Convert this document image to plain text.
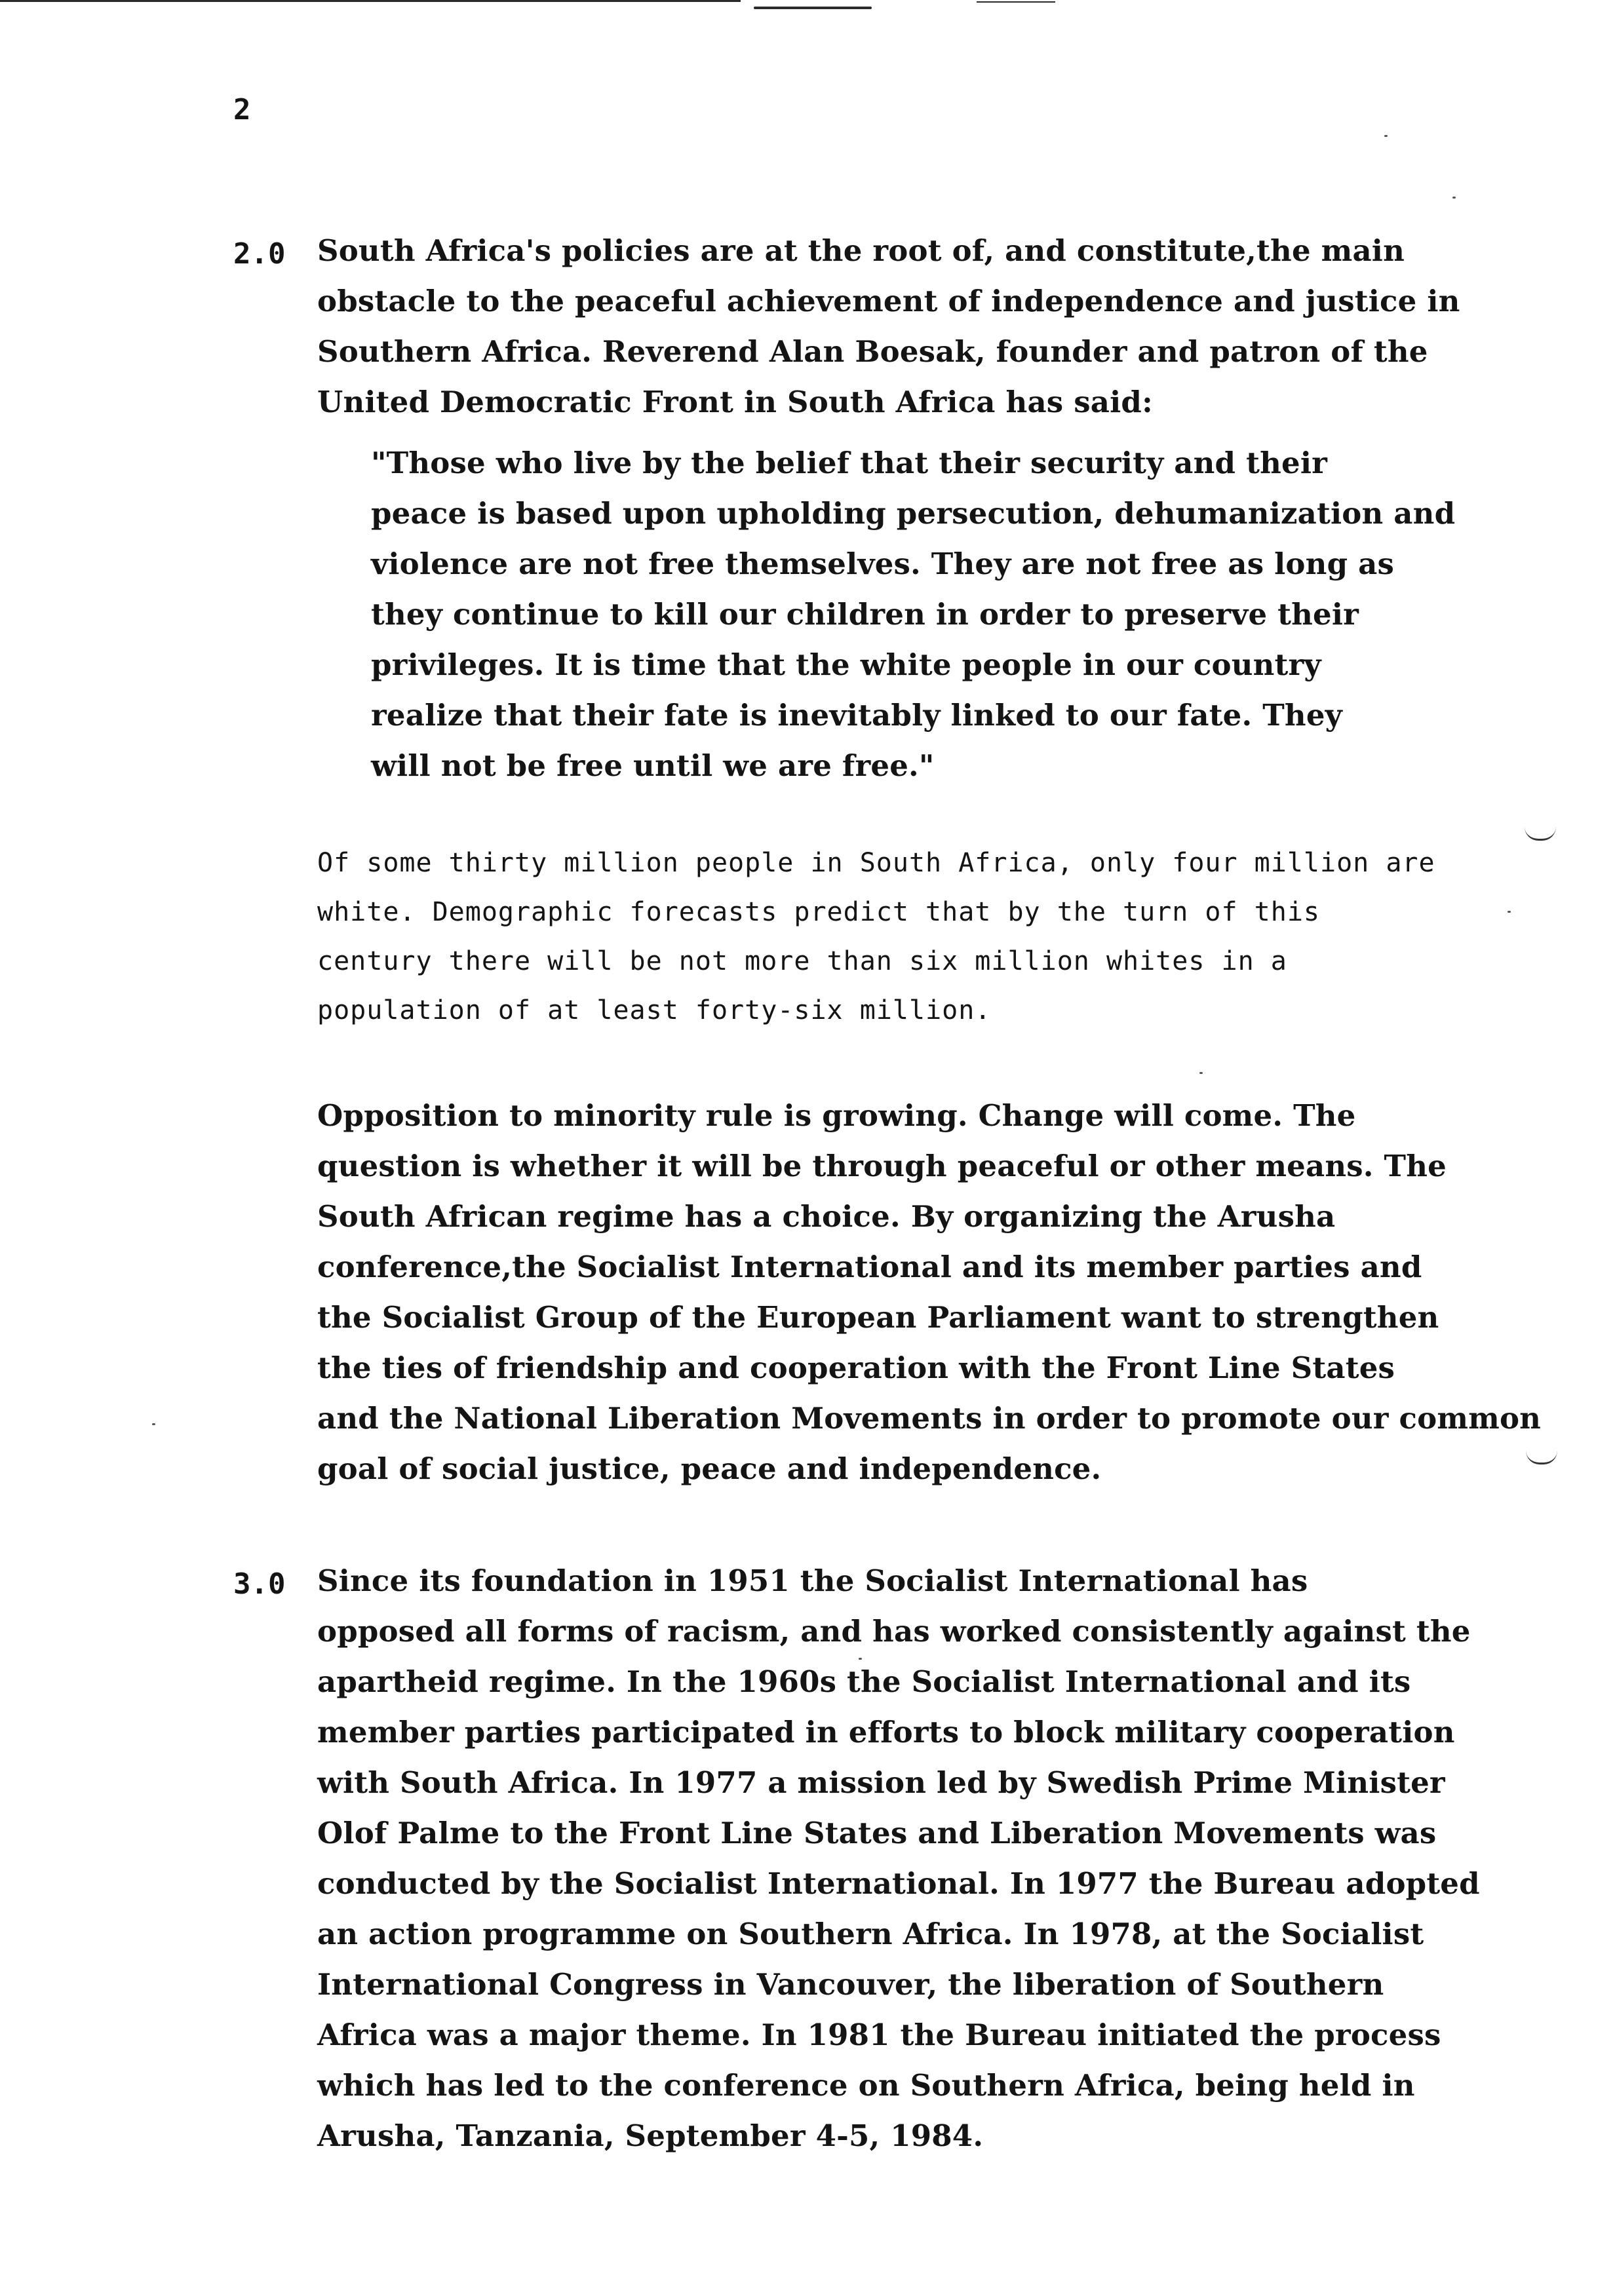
2
2.0 South Africa's policies are at the root of, and constitute,the main
obstacle to the peaceful achievement of independence and justice in
Southern Africa. Reverend Alan Boesak, founder and patron of the
United Democratic Front in South Africa has said:
"Those who live by the belief that their security and their
peace is based upon upholding persecution, dehumanization and
violence are not free themselves. They are not free as long as
they continue to kill our children in order to preserve their
privileges. It is time that the white people in our country
realize that their fate is inevitably linked to our fate. They
will not be free until we are free."
Of some thirty million people in South Africa, only four million are
white. Demographic forecasts predict that by the turn of this
century there will be not more than six million whites in a
population of at least forty-six million.
Opposition to minority rule is growing. Change will come. The
question is whether it will be through peaceful or other means. The
South African regime has a choice. By organizing the Arusha
conference,the Socialist International and its member parties and
the Socialist Group of the European Parliament want to strengthen
the ties of friendship and cooperation with the Front Line States
and the National Liberation Movements in order to promote our common
goal of social justice, peace and independence.
3.0 Since its foundation in 1951 the Socialist International has
opposed all forms of racism, and has worked consistently against the
apartheid regime. In the 1960s the Socialist International and its
member parties participated in efforts to block military cooperation
with South Africa. In 1977 a mission led by Swedish Prime Minister
Olof Palme to the Front Line States and Liberation Movements was
conducted by the Socialist International. In 1977 the Bureau adopted
an action programme on Southern Africa. In 1978, at the Socialist
International Congress in Vancouver, the liberation of Southern
Africa was a major theme. In 1981 the Bureau initiated the process
which has led to the conference on Southern Africa, being held in
Arusha, Tanzania, September 4-5, 1984.
